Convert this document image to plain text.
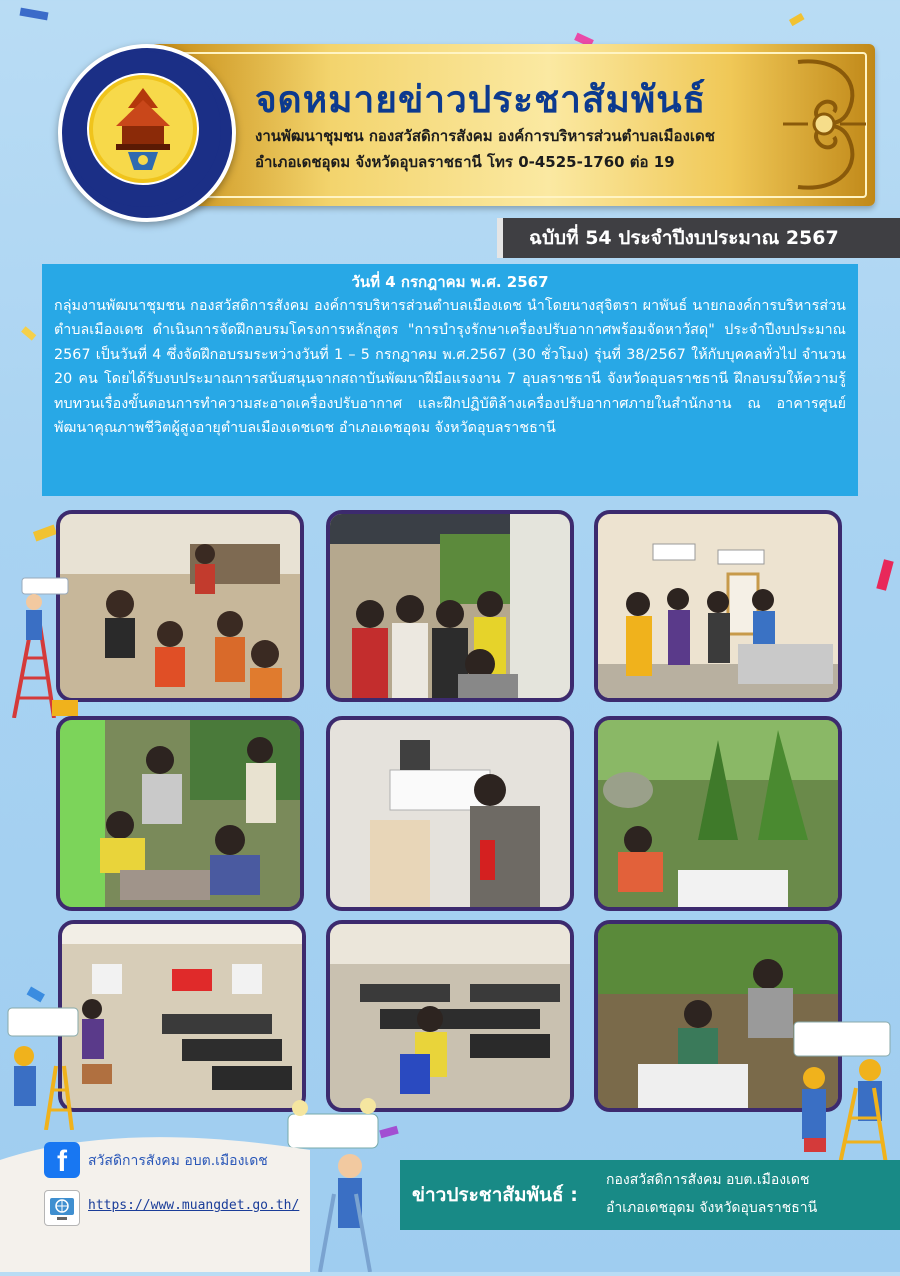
จดหมายข่าวประชาสัมพันธ์
งานพัฒนาชุมชน กองสวัสดิการสังคม องค์การบริหารส่วนตำบลเมืองเดช
อำเภอเดชอุดม จังหวัดอุบลราชธานี โทร 0-4525-1760 ต่อ 19
ฉบับที่ 54 ประจำปีงบประมาณ 2567
วันที่ 4 กรกฎาคม พ.ศ. 2567
กลุ่มงานพัฒนาชุมชน กองสวัสดิการสังคม องค์การบริหารส่วนตำบลเมืองเดช นำโดยนางสุจิตรา ผาพันธ์ นายกองค์การบริหารส่วนตำบลเมืองเดช ดำเนินการจัดฝึกอบรมโครงการหลักสูตร "การบำรุงรักษาเครื่องปรับอากาศพร้อมจัดหาวัสดุ" ประจำปีงบประมาณ 2567 เป็นวันที่ 4 ซึ่งจัดฝึกอบรมระหว่างวันที่ 1 – 5 กรกฎาคม พ.ศ.2567 (30 ชั่วโมง) รุ่นที่ 38/2567 ให้กับบุคคลทั่วไป จำนวน 20 คน โดยได้รับงบประมาณการสนับสนุนจากสถาบันพัฒนาฝีมือแรงงาน 7 อุบลราชธานี จังหวัดอุบลราชธานี ฝึกอบรมให้ความรู้ทบทวนเรื่องขั้นตอนการทำความสะอาดเครื่องปรับอากาศ และฝึกปฏิบัติล้างเครื่องปรับอากาศภายในสำนักงาน ณ อาคารศูนย์พัฒนาคุณภาพชีวิตผู้สูงอายุตำบลเมืองเดชเดช อำเภอเดชอุดม จังหวัดอุบลราชธานี
f	สวัสดิการสังคม อบต.เมืองเดช
https://www.muangdet.go.th/	ข่าวประชาสัมพันธ์ :
กองสวัสดิการสังคม อบต.เมืองเดช
อำเภอเดชอุดม จังหวัดอุบลราชธานี
